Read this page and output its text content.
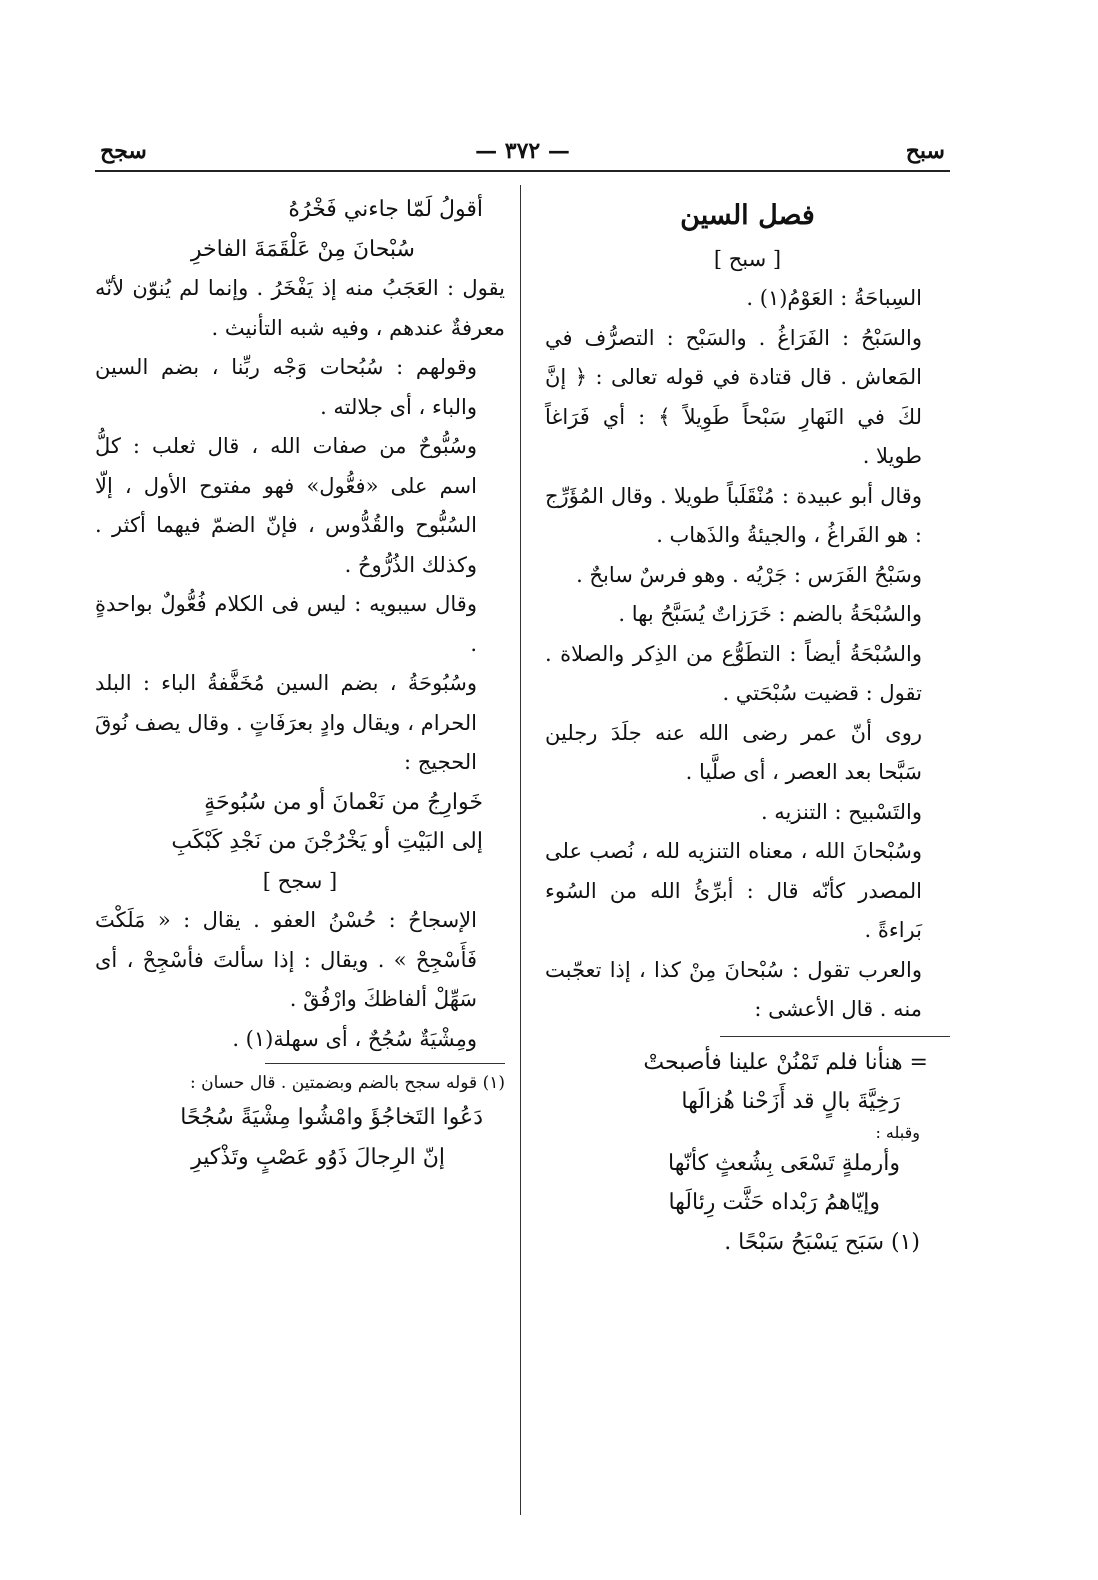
سجح	— ٣٧٢ —	سبح

فصل السين

[ سبح ]

السِباحَةُ : العَوْمُ(١) .

والسَبْحُ : الفَرَاغُ . والسَبْح : التصرُّف في المَعاش . قال قتادة في قوله تعالى : ﴿ إنَّ لكَ في النَهارِ سَبْحاً طَوِيلاً ﴾ : أي فَرَاغاً طويلا .

وقال أبو عبيدة : مُنْقَلَباً طويلا . وقال المُؤَرِّج : هو الفَراغُ ، والجيئةُ والذَهاب .

وسَبْحُ الفَرَس : جَرْيُه . وهو فرسٌ سابحٌ .

والسُبْحَةُ بالضم : خَرَزاتٌ يُسَبَّحُ بها .

والسُبْحَةُ أيضاً : التطَوُّع من الذِكر والصلاة . تقول : قضيت سُبْحَتي .

روى أنّ عمر رضى الله عنه جلَدَ رجلين سَبَّحا بعد العصر ، أى صلَّيا .

والتَسْبيح : التنزيه .

وسُبْحانَ الله ، معناه التنزيه لله ، نُصب على المصدر كأنّه قال : أبرِّئُ الله من السُوء بَراءةً .

والعرب تقول : سُبْحانَ مِنْ كذا ، إذا تعجّبت منه . قال الأعشى :

= هنأنا فلم تَمْنُنْ علينا فأصبحتْ

رَخِيَّةَ بالٍ قد أَزَحْنا هُزالَها

وقبله :

وأرملةٍ تَسْعَى بِشُعثٍ كأنّها

وإيّاهمُ رَبْداه حَثَّت رِئالَها

(١) سَبَح يَسْبَحُ سَبْحًا .

أقولُ لَمّا جاءني فَخْرُهُ

سُبْحانَ مِنْ عَلْقَمَةَ الفاخرِ

يقول : العَجَبُ منه إذ يَفْخَرُ . وإنما لم يُنوّن لأنّه معرفةٌ عندهم ، وفيه شبه التأنيث .

وقولهم : سُبُحات وَجْه ربِّنا ، بضم السين والباء ، أى جلالته .

وسُبُّوحٌ من صفات الله ، قال ثعلب : كلُّ اسم على «فعُّول» فهو مفتوح الأول ، إلّا السُبُّوح والقُدُّوس ، فإنّ الضمّ فيهما أكثر . وكذلك الذُرُّوحُ .

وقال سيبويه : ليس فى الكلام فُعُّولٌ بواحدةٍ .

وسُبُوحَةُ ، بضم السين مُخَفَّفةُ الباء : البلد الحرام ، ويقال وادٍ بعرَفَاتٍ . وقال يصف نُوقَ الحجيج :

خَوارِجُ من نَعْمانَ أو من سُبُوحَةٍ

إلى البَيْتِ أو يَخْرُجْنَ من نَجْدِ كَبْكَبِ

[ سجح ]

الإسجاحُ : حُسْنُ العفو . يقال : « مَلَكْتَ فَأَسْجِحْ » . ويقال : إذا سألتَ فأسْجِحْ ، أى سَهِّلْ ألفاظكَ وارْفُقْ .

ومِشْيَةٌ سُجُحٌ ، أى سهلة(١) .

(١) قوله سجح بالضم وبضمتين . قال حسان :

دَعُوا التَخاجُؤَ وامْشُوا مِشْيَةً سُجُحًا

إنّ الرِجالَ ذَوُو عَصْبٍ وتَذْكيرِ
